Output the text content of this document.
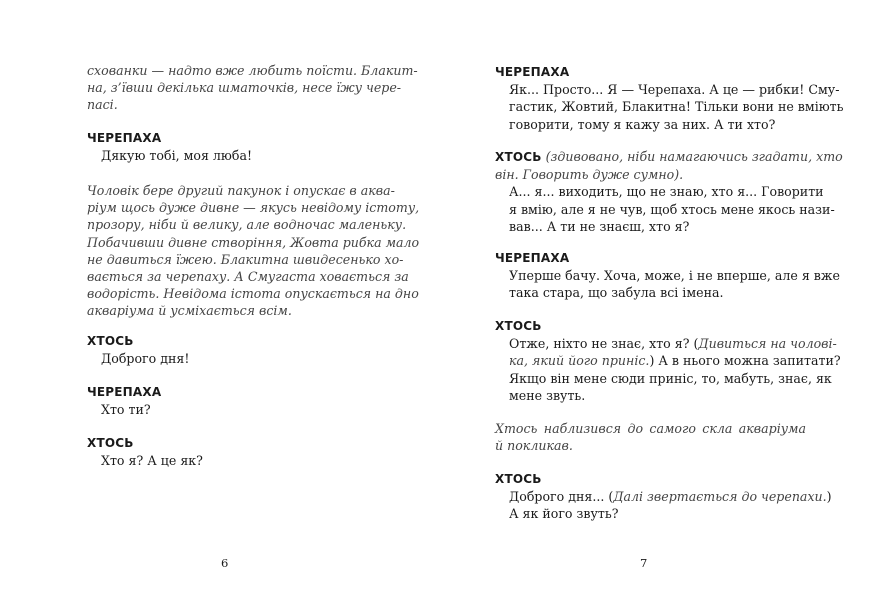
схованки — надто вже любить поїсти. Блакит-
на, з’ївши декілька шматочків, несе їжу чере-
пасі.
ЧЕРЕПАХА
Дякую тобі, моя люба!
Чоловік бере другий пакунок і опускає в аква-
ріум щось дуже дивне — якусь невідому істоту,
прозору, ніби й велику, але водночас маленьку.
Побачивши дивне створіння, Жовта рибка мало
не давиться їжею. Блакитна швидесенько хо-
вається за черепаху. А Смугаста ховається за
водорість. Невідома істота опускається на дно
акваріума й усміхається всім.
ХТОСЬ
Доброго дня!
ЧЕРЕПАХА
Хто ти?
ХТОСЬ
Хто я? А це як?
6
ЧЕРЕПАХА
Як... Просто... Я — Черепаха. А це — рибки! Сму-
гастик, Жовтий, Блакитна! Тільки вони не вміють
говорити, тому я кажу за них. А ти хто?
ХТОСЬ (здивовано, ніби намагаючись згадати, хто
він. Говорить дуже сумно).
А... я... виходить, що не знаю, хто я... Говорити
я вмію, але я не чув, щоб хтось мене якось нази-
вав... А ти не знаєш, хто я?
ЧЕРЕПАХА
Уперше бачу. Хоча, може, і не вперше, але я вже
така стара, що забула всі імена.
ХТОСЬ
Отже, ніхто не знає, хто я? (Дивиться на чолові-
ка, який його приніс.) А в нього можна запитати?
Якщо він мене сюди приніс, то, мабуть, знає, як
мене звуть.
Хтось наблизився до самого скла акваріума
й покликав.
ХТОСЬ
Доброго дня... (Далі звертається до черепахи.)
А як його звуть?
7
